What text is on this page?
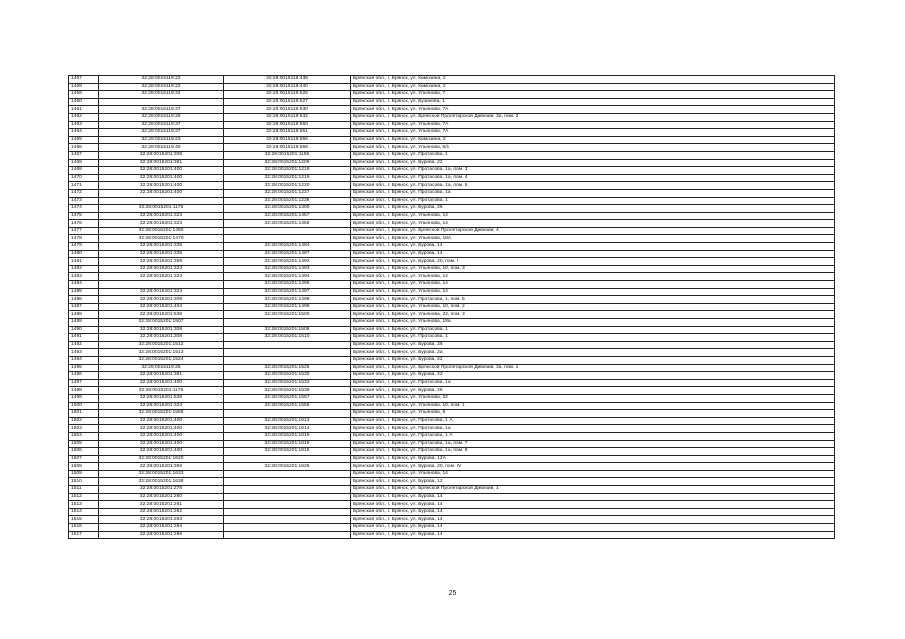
1457	32:28:0015119:23	32:28:0015119:439	Брянская обл., г. Брянск, ул. Камозина, 2
1458	32:28:0015119:23	32:28:0015119:440	Брянская обл., г. Брянск, ул. Камозина, 2
1459	32:28:0015119:32	32:28:0015119:526	Брянская обл., г. Брянск, ул. Ульянова, 7
1460		32:28:0015119:527	Брянская обл., г. Брянск, ул. Бузинова, 1
1461	32:28:0015119:37	32:28:0015119:530	Брянская обл., г. Брянск, ул. Ульянова, 7А
1462	32:28:0015119:25	32:28:0015119:532	Брянская обл., г. Брянск, ул. Брянской Пролетарской Дивизии, 3а, пом. 2
1463	32:28:0015119:37	32:28:0015119:550	Брянская обл., г. Брянск, ул. Ульянова, 7А
1464	32:28:0015119:37	32:28:0015119:551	Брянская обл., г. Брянск, ул. Ульянова, 7А
1465	32:28:0015119:23	32:28:0015119:556	Брянская обл., г. Брянск, ул. Камозина, 2
1466	32:28:0015119:40	32:28:0015119:558	Брянская обл., г. Брянск, ул. Ульянова, 5/1
1467	32:28:0015201:308	32:28:0015201:1195	Брянская обл., г. Брянск, ул. Протасова, 1
1468	32:28:0015201:381	32:28:0015201:1206	Брянская обл., г. Брянск, ул. Бурова, 22
1469	32:28:0015201:400	32:28:0015201:1218	Брянская обл., г. Брянск, ул. Протасова, 1а, пом. 3
1470	32:28:0015201:400	32:28:0015201:1219	Брянская обл., г. Брянск, ул. Протасова, 1а, пом. 4
1471	32:28:0015201:400	32:28:0015201:1220	Брянская обл., г. Брянск, ул. Протасова, 1а, пом. 5
1472	32:28:0015201:400	32:28:0015201:1237	Брянская обл., г. Брянск, ул. Протасова, 1а
1473		32:28:0015201:1238	Брянская обл., г. Брянск, ул. Протасова, 1
1474	32:28:0015201:1175	32:28:0015201:1300	Брянская обл., г. Брянск, ул. Бурова, 26
1475	32:28:0015201:323	32:28:0015201:1457	Брянская обл., г. Брянск, ул. Ульянова, 14
1476	32:28:0015201:323	32:28:0015201:1458	Брянская обл., г. Брянск, ул. Ульянова, 14
1477	32:28:0015201:1460		Брянская обл., г. Брянск, ул. Брянской Пролетарской Дивизии, 4
1478	32:28:0015201:1470		Брянская обл., г. Брянск, ул. Ульянова, 18А
1479	32:28:0015201:335	32:28:0015201:1484	Брянская обл., г. Брянск, ул. Бурова, 14
1480	32:28:0015201:335	32:28:0015201:1487	Брянская обл., г. Брянск, ул. Бурова, 14
1481	32:28:0015201:359	32:28:0015201:1492	Брянская обл., г. Брянск, ул. Бурова, 20, пом. I
1482	32:28:0015201:323	32:28:0015201:1493	Брянская обл., г. Брянск, ул. Ульянова, 10, пом. 3
1483	32:28:0015201:323	32:28:0015201:1494	Брянская обл., г. Брянск, ул. Ульянова, 14
1484		32:28:0015201:1495	Брянская обл., г. Брянск, ул. Ульянова, 14
1485	32:28:0015201:323	32:28:0015201:1497	Брянская обл., г. Брянск, ул. Ульянова, 14
1486	32:28:0015201:308	32:28:0015201:1498	Брянская обл., г. Брянск, ул. Протасова, 1, пом. 5
1487	32:28:0015201:404	32:28:0015201:1499	Брянская обл., г. Брянск, ул. Ульянова, 10, пом. 2
1488	32:28:0015201:538	32:28:0015201:1500	Брянская обл., г. Брянск, ул. Ульянова, 22, пом. 3
1489	32:28:0015201:1507		Брянская обл., г. Брянск, ул. Ульянова, 18а
1490	32:28:0015201:308	32:28:0015201:1508	Брянская обл., г. Брянск, ул. Протасова, 1
1491	32:28:0015201:308	32:28:0015201:1510	Брянская обл., г. Брянск, ул. Протасова, 1
1492	32:28:0015201:1512		Брянская обл., г. Брянск, ул. Бурова, 26
1493	32:28:0015201:1513		Брянская обл., г. Брянск, ул. Бурова, 2а
1494	32:28:0015201:1524		Брянская обл., г. Брянск, ул. Бурова, 22
1495	32:28:0015119:25	32:28:0015201:1525	Брянская обл., г. Брянск, ул. Брянской Пролетарской Дивизии, 3а, пом. 1
1496	32:28:0015201:381	32:28:0015201:1530	Брянская обл., г. Брянск, ул. Бурова, 22
1497	32:28:0015201:400	32:28:0015201:1533	Брянская обл., г. Брянск, ул. Протасова, 1а
1498	32:28:0015201:1175	32:28:0015201:1539	Брянская обл., г. Брянск, ул. Бурова, 26
1499	32:28:0015201:538	32:28:0015201:1557	Брянская обл., г. Брянск, ул. Ульянова, 22
1500	32:28:0015201:323	32:28:0015201:1558	Брянская обл., г. Брянск, ул. Ульянова, 10, пом. 1
1501	32:28:0015201:1568		Брянская обл., г. Брянск, ул. Ульянова, 8
1502	32:28:0015201:400	32:28:0015201:1613	Брянская обл., г. Брянск, ул. Протасова, 1 А
1503	32:28:0015201:400	32:28:0015201:1614	Брянская обл., г. Брянск, ул. Протасова, 1а
1504	32:28:0015201:400	32:28:0015201:1615	Брянская обл., г. Брянск, ул. Протасова, 1 А
1505	32:28:0015201:400	32:28:0015201:1618	Брянская обл., г. Брянск, ул. Протасова, 1а, пом. 7
1506	32:28:0015201:400	32:28:0015201:1619	Брянская обл., г. Брянск, ул. Протасова, 1а, пом. 8
1507	32:28:0015201:1620		Брянская обл., г. Брянск, ул. Бурова, 12А
1508	32:28:0015201:359	32:28:0015201:1625	Брянская обл., г. Брянск, ул. Бурова, 20, пом. IV
1509	32:28:0015201:1633		Брянская обл., г. Брянск, ул. Ульянова, 14
1510	32:28:0015201:1638		Брянская обл., г. Брянск, ул. Бурова, 12
1511	32:28:0015201:278		Брянская обл., г. Брянск, ул. Брянской Пролетарской Дивизии, 1
1512	32:28:0015201:280		Брянская обл., г. Брянск, ул. Бурова, 14
1513	32:28:0015201:281		Брянская обл., г. Брянск, ул. Бурова, 14
1514	32:28:0015201:282		Брянская обл., г. Брянск, ул. Бурова, 14
1515	32:28:0015201:283		Брянская обл., г. Брянск, ул. Бурова, 14
1516	32:28:0015201:284		Брянская обл., г. Брянск, ул. Бурова, 14
1517	32:28:0015201:286		Брянская обл., г. Брянск, ул. Бурова, 14
25
